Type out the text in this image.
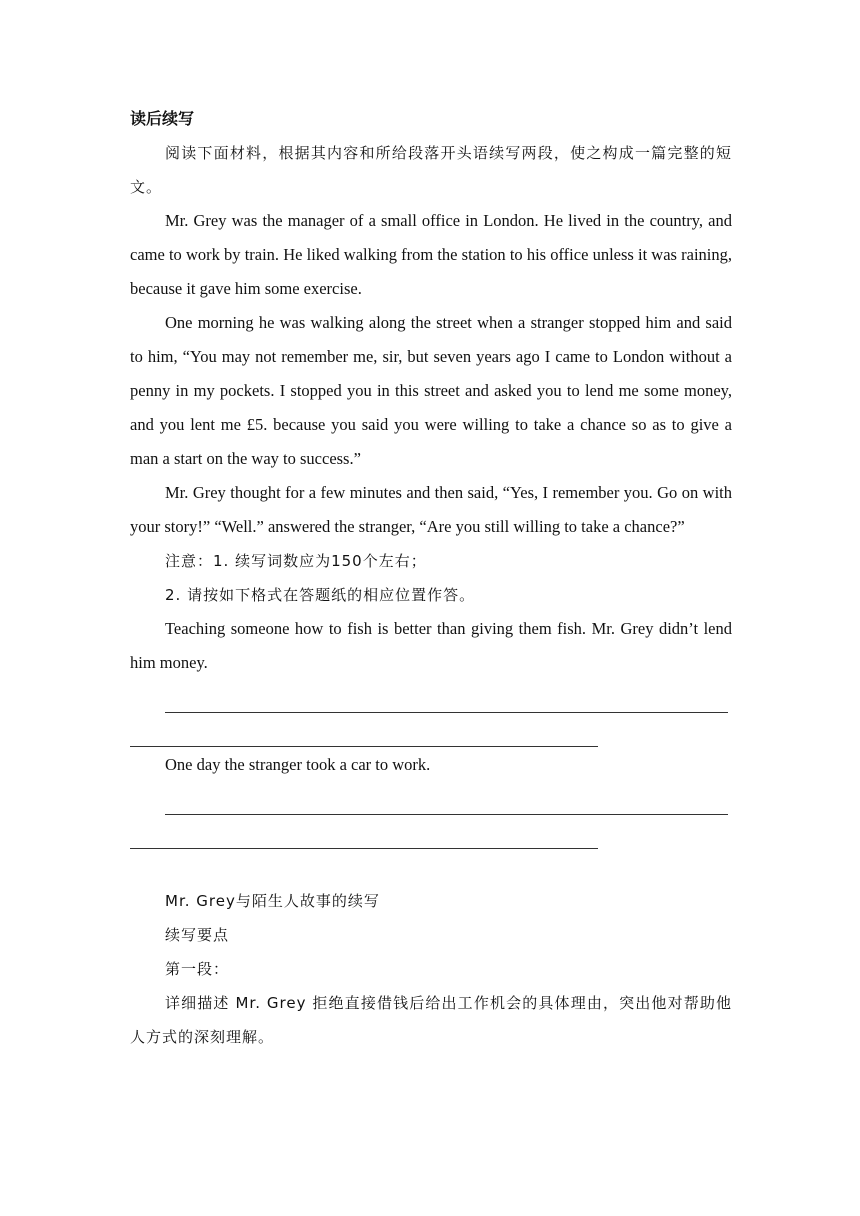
读后续写

阅读下面材料，根据其内容和所给段落开头语续写两段，使之构成一篇完整的短文。

Mr. Grey was the manager of a small office in London. He lived in the country, and came to work by train. He liked walking from the station to his office unless it was raining, because it gave him some exercise.

One morning he was walking along the street when a stranger stopped him and said to him, “You may not remember me, sir, but seven years ago I came to London without a penny in my pockets. I stopped you in this street and asked you to lend me some money, and you lent me £5. because you said you were willing to take a chance so as to give a man a start on the way to success.”

Mr. Grey thought for a few minutes and then said, “Yes, I remember you. Go on with your story!” “Well.” answered the stranger, “Are you still willing to take a chance?”

注意：1. 续写词数应为150个左右；

2. 请按如下格式在答题纸的相应位置作答。

Teaching someone how to fish is better than giving them fish. Mr. Grey didn’t lend him money.

One day the stranger took a car to work.

Mr. Grey与陌生人故事的续写

续写要点

第一段：

详细描述 Mr. Grey 拒绝直接借钱后给出工作机会的具体理由，突出他对帮助他人方式的深刻理解。
